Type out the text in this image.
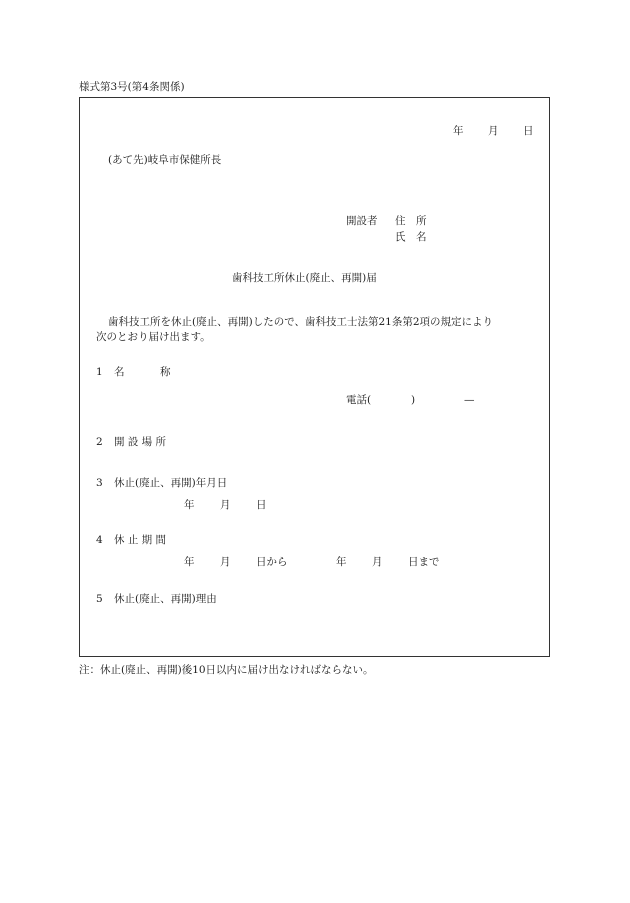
様式第3号(第4条関係)
年 月 日
(あて先)岐阜市保健所長
開設者 住　所
氏　名
歯科技工所休止(廃止、再開)届
歯科技工所を休止(廃止、再開)したので、歯科技工士法第21条第2項の規定により
次のとおり届け出ます。
1 名	称
電話(	)	—
2 開 設 場 所
3 休止(廃止、再開)年月日
年 月 日
4 休 止 期 間
年 月 日から	年 月 日まで
5 休止(廃止、再開)理由
注：休止(廃止、再開)後10日以内に届け出なければならない。
